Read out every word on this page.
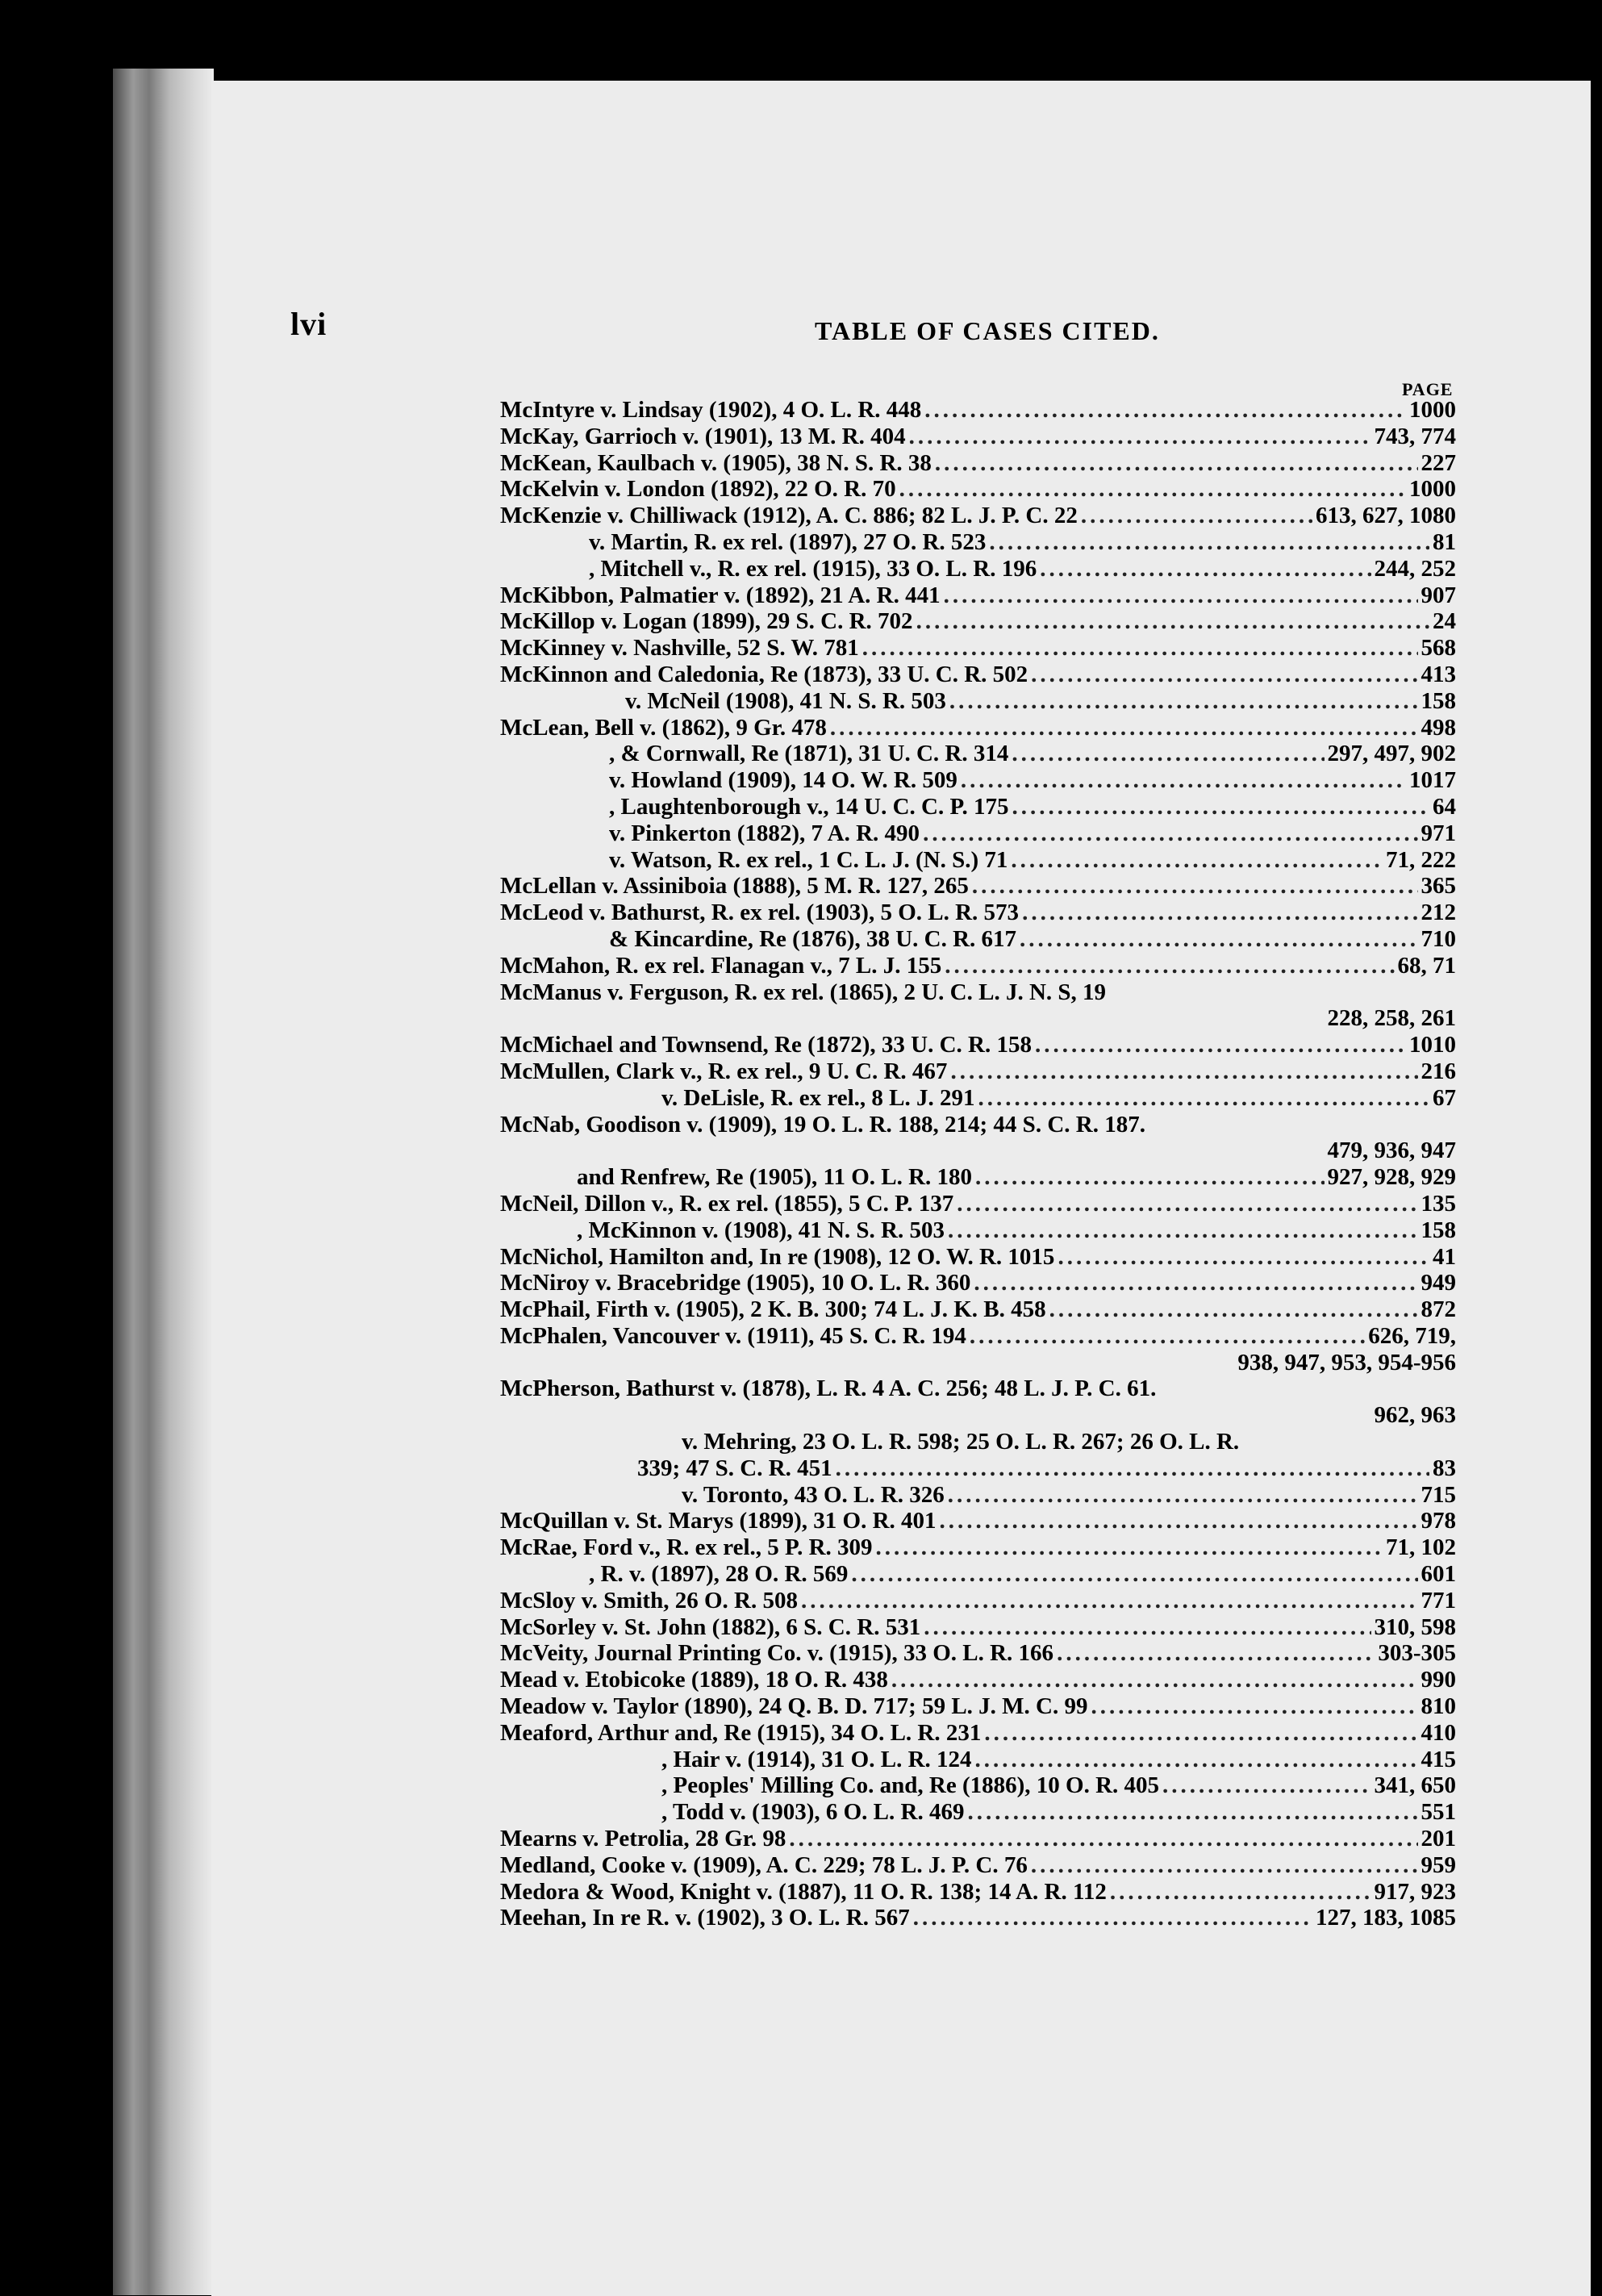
lvi	TABLE OF CASES CITED.
PAGE
McIntyre v. Lindsay (1902), 4 O. L. R. 448 .....	1000
McKay, Garrioch v. (1901), 13 M. R. 404 .....	743, 774
McKean, Kaulbach v. (1905), 38 N. S. R. 38 .....	227
McKelvin v. London (1892), 22 O. R. 70 .....	1000
McKenzie v. Chilliwack (1912), A. C. 886; 82 L. J. P. C. 22 .....	613, 627, 1080
v. Martin, R. ex rel. (1897), 27 O. R. 523 .....	81
, Mitchell v., R. ex rel. (1915), 33 O. L. R. 196 .....	244, 252
McKibbon, Palmatier v. (1892), 21 A. R. 441 .....	907
McKillop v. Logan (1899), 29 S. C. R. 702 .....	24
McKinney v. Nashville, 52 S. W. 781 .....	568
McKinnon and Caledonia, Re (1873), 33 U. C. R. 502 .....	413
v. McNeil (1908), 41 N. S. R. 503 .....	158
McLean, Bell v. (1862), 9 Gr. 478 .....	498
, & Cornwall, Re (1871), 31 U. C. R. 314 .....	297, 497, 902
v. Howland (1909), 14 O. W. R. 509 .....	1017
, Laughtenborough v., 14 U. C. C. P. 175 .....	64
v. Pinkerton (1882), 7 A. R. 490 .....	971
v. Watson, R. ex rel., 1 C. L. J. (N. S.) 71 .....	71, 222
McLellan v. Assiniboia (1888), 5 M. R. 127, 265 .....	365
McLeod v. Bathurst, R. ex rel. (1903), 5 O. L. R. 573 .....	212
& Kincardine, Re (1876), 38 U. C. R. 617 .....	710
McMahon, R. ex rel. Flanagan v., 7 L. J. 155 .....	68, 71
McManus v. Ferguson, R. ex rel. (1865), 2 U. C. L. J. N. S, 19
228, 258, 261
McMichael and Townsend, Re (1872), 33 U. C. R. 158 .....	1010
McMullen, Clark v., R. ex rel., 9 U. C. R. 467 .....	216
v. DeLisle, R. ex rel., 8 L. J. 291 .....	67
McNab, Goodison v. (1909), 19 O. L. R. 188, 214; 44 S. C. R. 187.
479, 936, 947
and Renfrew, Re (1905), 11 O. L. R. 180 .....	927, 928, 929
McNeil, Dillon v., R. ex rel. (1855), 5 C. P. 137 .....	135
, McKinnon v. (1908), 41 N. S. R. 503 .....	158
McNichol, Hamilton and, In re (1908), 12 O. W. R. 1015 .....	41
McNiroy v. Bracebridge (1905), 10 O. L. R. 360 .....	949
McPhail, Firth v. (1905), 2 K. B. 300; 74 L. J. K. B. 458 .....	872
McPhalen, Vancouver v. (1911), 45 S. C. R. 194 .....	626, 719,
938, 947, 953, 954-956
McPherson, Bathurst v. (1878), L. R. 4 A. C. 256; 48 L. J. P. C. 61.
962, 963
v. Mehring, 23 O. L. R. 598; 25 O. L. R. 267; 26 O. L. R.
339; 47 S. C. R. 451 .....	83
v. Toronto, 43 O. L. R. 326 .....	715
McQuillan v. St. Marys (1899), 31 O. R. 401 .....	978
McRae, Ford v., R. ex rel., 5 P. R. 309 .....	71, 102
, R. v. (1897), 28 O. R. 569 .....	601
McSloy v. Smith, 26 O. R. 508 .....	771
McSorley v. St. John (1882), 6 S. C. R. 531 .....	310, 598
McVeity, Journal Printing Co. v. (1915), 33 O. L. R. 166 .....	303-305
Mead v. Etobicoke (1889), 18 O. R. 438 .....	990
Meadow v. Taylor (1890), 24 Q. B. D. 717; 59 L. J. M. C. 99 .....	810
Meaford, Arthur and, Re (1915), 34 O. L. R. 231 .....	410
, Hair v. (1914), 31 O. L. R. 124 .....	415
, Peoples' Milling Co. and, Re (1886), 10 O. R. 405 .....	341, 650
, Todd v. (1903), 6 O. L. R. 469 .....	551
Mearns v. Petrolia, 28 Gr. 98 .....	201
Medland, Cooke v. (1909), A. C. 229; 78 L. J. P. C. 76 .....	959
Medora & Wood, Knight v. (1887), 11 O. R. 138; 14 A. R. 112 .....	917, 923
Meehan, In re R. v. (1902), 3 O. L. R. 567 .....	127, 183, 1085
